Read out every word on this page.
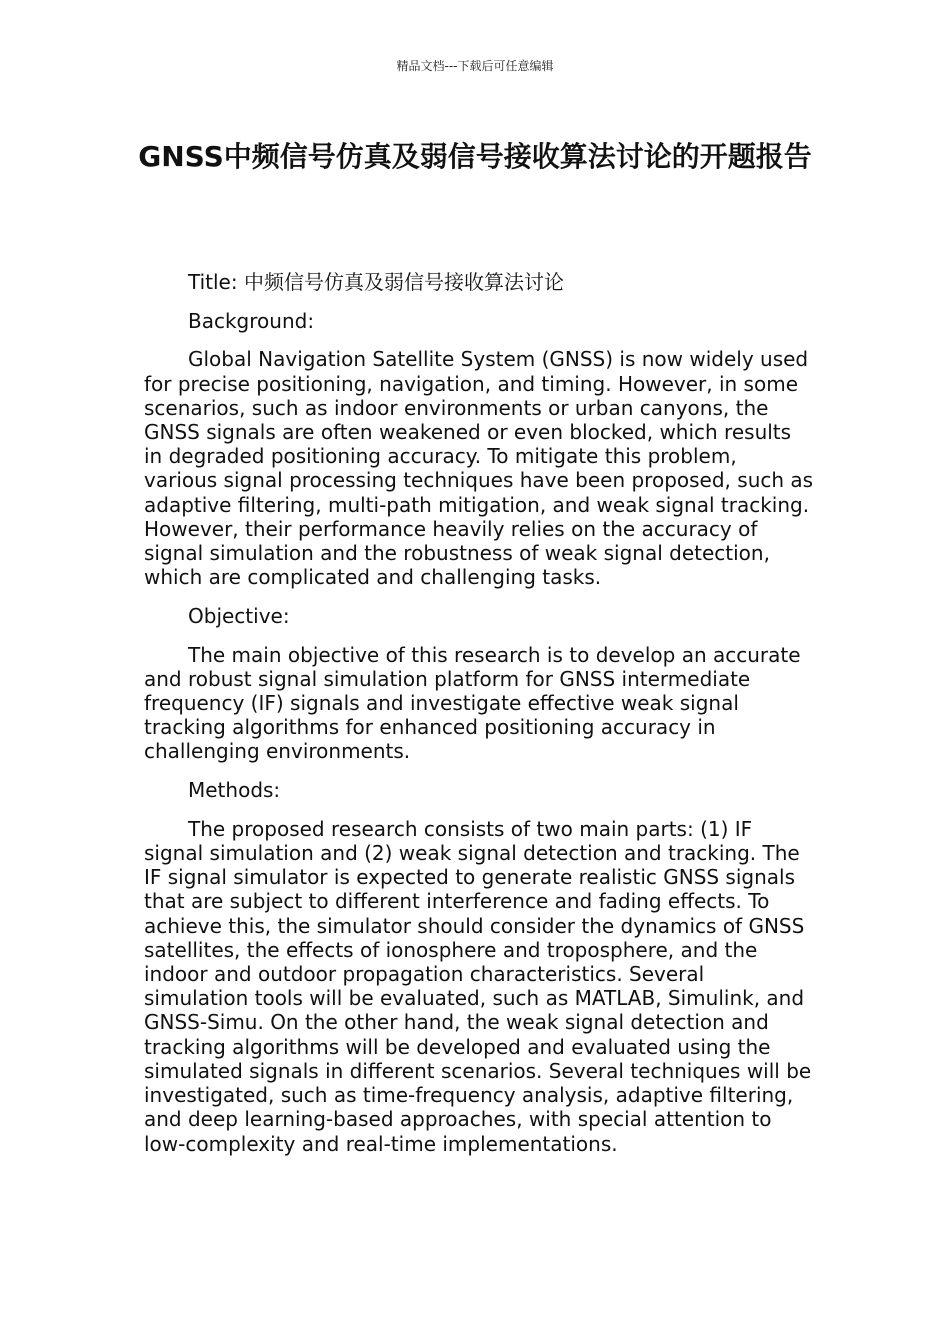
精品文档---下载后可任意编辑
GNSS中频信号仿真及弱信号接收算法讨论的开题报告

Title: 中频信号仿真及弱信号接收算法讨论

Background:

Global Navigation Satellite System (GNSS) is now widely used for precise positioning, navigation, and timing. However, in some scenarios, such as indoor environments or urban canyons, the GNSS signals are often weakened or even blocked, which results in degraded positioning accuracy. To mitigate this problem, various signal processing techniques have been proposed, such as adaptive filtering, multi-path mitigation, and weak signal tracking. However, their performance heavily relies on the accuracy of signal simulation and the robustness of weak signal detection, which are complicated and challenging tasks.

Objective:

The main objective of this research is to develop an accurate and robust signal simulation platform for GNSS intermediate frequency (IF) signals and investigate effective weak signal tracking algorithms for enhanced positioning accuracy in challenging environments.

Methods:

The proposed research consists of two main parts: (1) IF signal simulation and (2) weak signal detection and tracking. The IF signal simulator is expected to generate realistic GNSS signals that are subject to different interference and fading effects. To achieve this, the simulator should consider the dynamics of GNSS satellites, the effects of ionosphere and troposphere, and the indoor and outdoor propagation characteristics. Several simulation tools will be evaluated, such as MATLAB, Simulink, and GNSS-Simu. On the other hand, the weak signal detection and tracking algorithms will be developed and evaluated using the simulated signals in different scenarios. Several techniques will be investigated, such as time-frequency analysis, adaptive filtering, and deep learning-based approaches, with special attention to low-complexity and real-time implementations.
